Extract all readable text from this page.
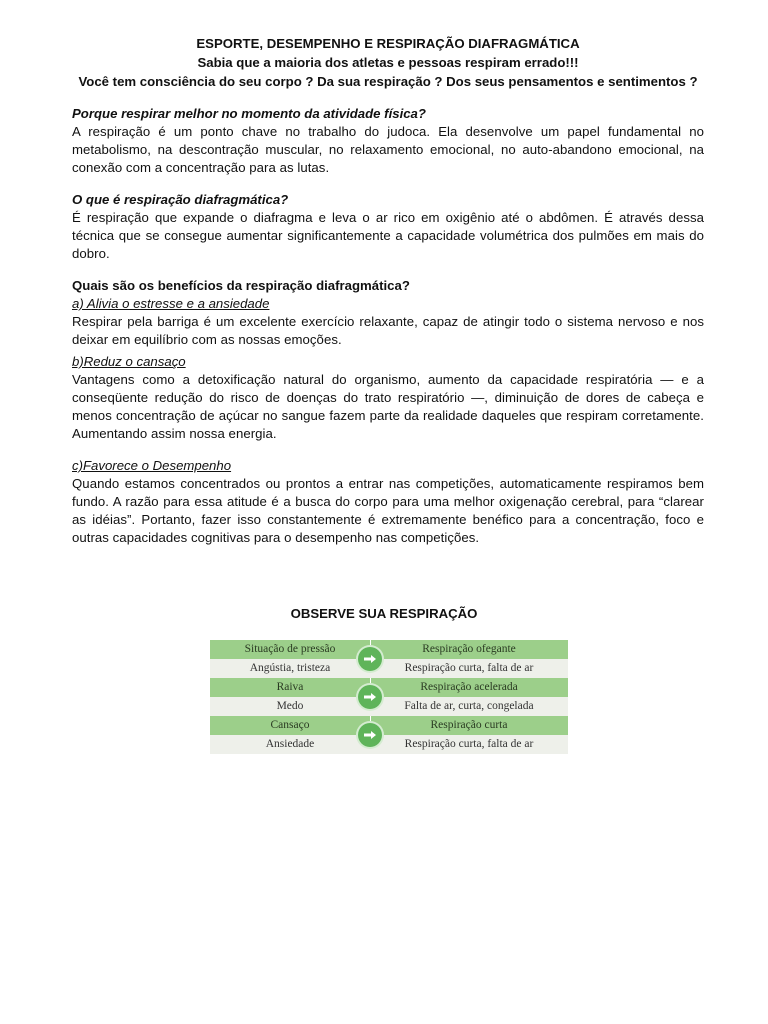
ESPORTE, DESEMPENHO E RESPIRAÇÃO DIAFRAGMÁTICA
Sabia que a maioria dos atletas e pessoas respiram errado!!!
Você tem consciência do seu corpo ? Da sua respiração ? Dos seus pensamentos e sentimentos ?

Porque respirar melhor no momento da atividade física?

A respiração é um ponto chave no trabalho do judoca. Ela desenvolve um papel fundamental no metabolismo, na descontração muscular, no relaxamento emocional, no auto-abandono emocional, na conexão com a concentração para as lutas.

O que é respiração diafragmática?

É respiração que expande o diafragma e leva o ar rico em oxigênio até o abdômen. É através dessa técnica que se consegue aumentar significantemente a capacidade volumétrica dos pulmões em mais do dobro.

Quais são os benefícios da respiração diafragmática?

a) Alivia o estresse e a ansiedade

Respirar pela barriga é um excelente exercício relaxante, capaz de atingir todo o sistema nervoso e nos deixar em equilíbrio com as nossas emoções.

b)Reduz o cansaço

Vantagens como a detoxificação natural do organismo, aumento da capacidade respiratória — e a conseqüente redução do risco de doenças do trato respiratório —, diminuição de dores de cabeça e menos concentração de açúcar no sangue fazem parte da realidade daqueles que respiram corretamente. Aumentando assim nossa energia.

c)Favorece o Desempenho

Quando estamos concentrados ou prontos a entrar nas competições, automaticamente respiramos bem fundo. A razão para essa atitude é a busca do corpo para uma melhor oxigenação cerebral, para “clarear as idéias”. Portanto, fazer isso constantemente é extremamente benéfico para a concentração, foco e outras capacidades cognitivas para o desempenho nas competições.

OBSERVE SUA RESPIRAÇÃO
Situação de pressão	Respiração ofegante
Angústia, tristeza	Respiração curta, falta de ar
Raiva	Respiração acelerada
Medo	Falta de ar, curta, congelada
Cansaço	Respiração curta
Ansiedade	Respiração curta, falta de ar
